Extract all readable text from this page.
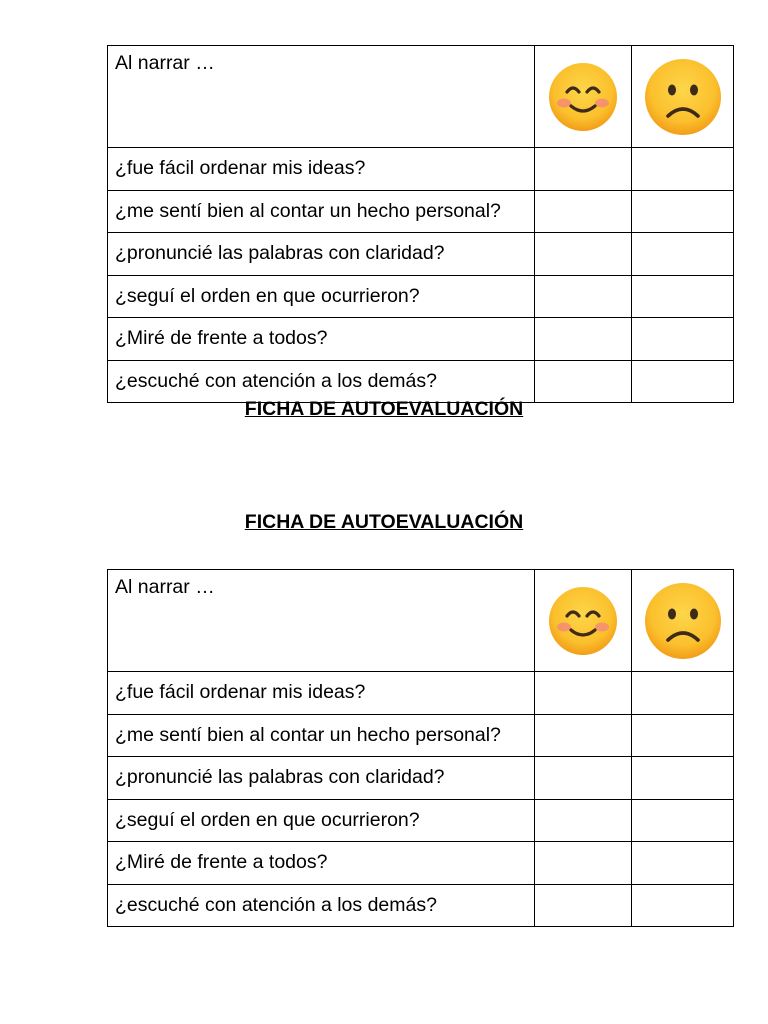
Al narrar …	

¿fue fácil ordenar mis ideas?		
¿me sentí bien al contar un hecho personal?		
¿pronuncié las palabras con claridad?		
¿seguí el orden en que ocurrieron?		
¿Miré de frente a todos?		
¿escuché con atención a los demás?		
FICHA DE AUTOEVALUACIÓN
FICHA DE AUTOEVALUACIÓN
Al narrar …	

¿fue fácil ordenar mis ideas?		
¿me sentí bien al contar un hecho personal?		
¿pronuncié las palabras con claridad?		
¿seguí el orden en que ocurrieron?		
¿Miré de frente a todos?		
¿escuché con atención a los demás?		
